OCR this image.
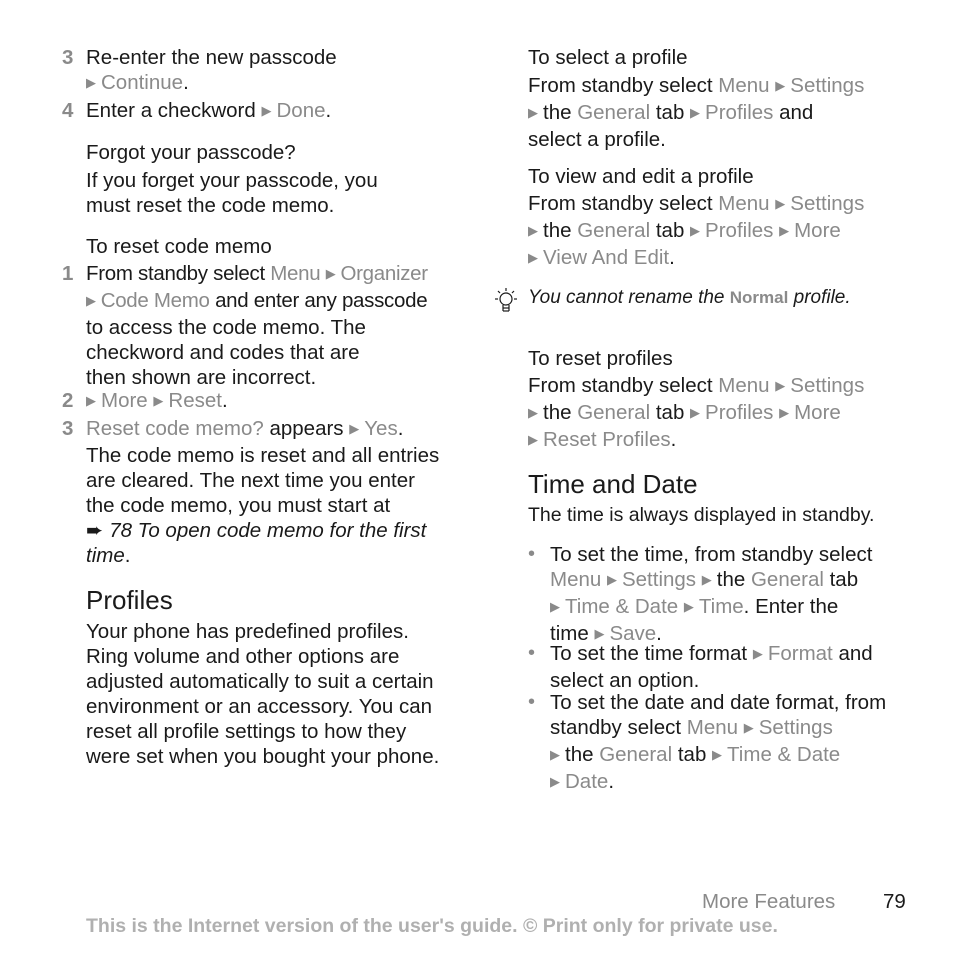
3 Re-enter the new passcode
▶ Continue.
4 Enter a checkword ▶ Done.
Forgot your passcode?
If you forget your passcode, you
must reset the code memo.
To reset code memo
1 From standby select Menu ▶ Organizer
▶ Code Memo and enter any passcode
to access the code memo. The
checkword and codes that are
then shown are incorrect.
2 ▶ More ▶ Reset.
3 Reset code memo? appears ▶ Yes.
The code memo is reset and all entries
are cleared. The next time you enter
the code memo, you must start at
➨ 78 To open code memo for the first
time.
Profiles
Your phone has predefined profiles.
Ring volume and other options are
adjusted automatically to suit a certain
environment or an accessory. You can
reset all profile settings to how they
were set when you bought your phone.
To select a profile
From standby select Menu ▶ Settings
▶ the General tab ▶ Profiles and
select a profile.
To view and edit a profile
From standby select Menu ▶ Settings
▶ the General tab ▶ Profiles ▶ More
▶ View And Edit.
You cannot rename the Normal profile.
To reset profiles
From standby select Menu ▶ Settings
▶ the General tab ▶ Profiles ▶ More
▶ Reset Profiles.
Time and Date
The time is always displayed in standby.
• To set the time, from standby select
Menu ▶ Settings ▶ the General tab
▶ Time & Date ▶ Time. Enter the
time ▶ Save.
• To set the time format ▶ Format and
select an option.
• To set the date and date format, from
standby select Menu ▶ Settings
▶ the General tab ▶ Time & Date
▶ Date.
More Features 79
This is the Internet version of the user's guide. © Print only for private use.
